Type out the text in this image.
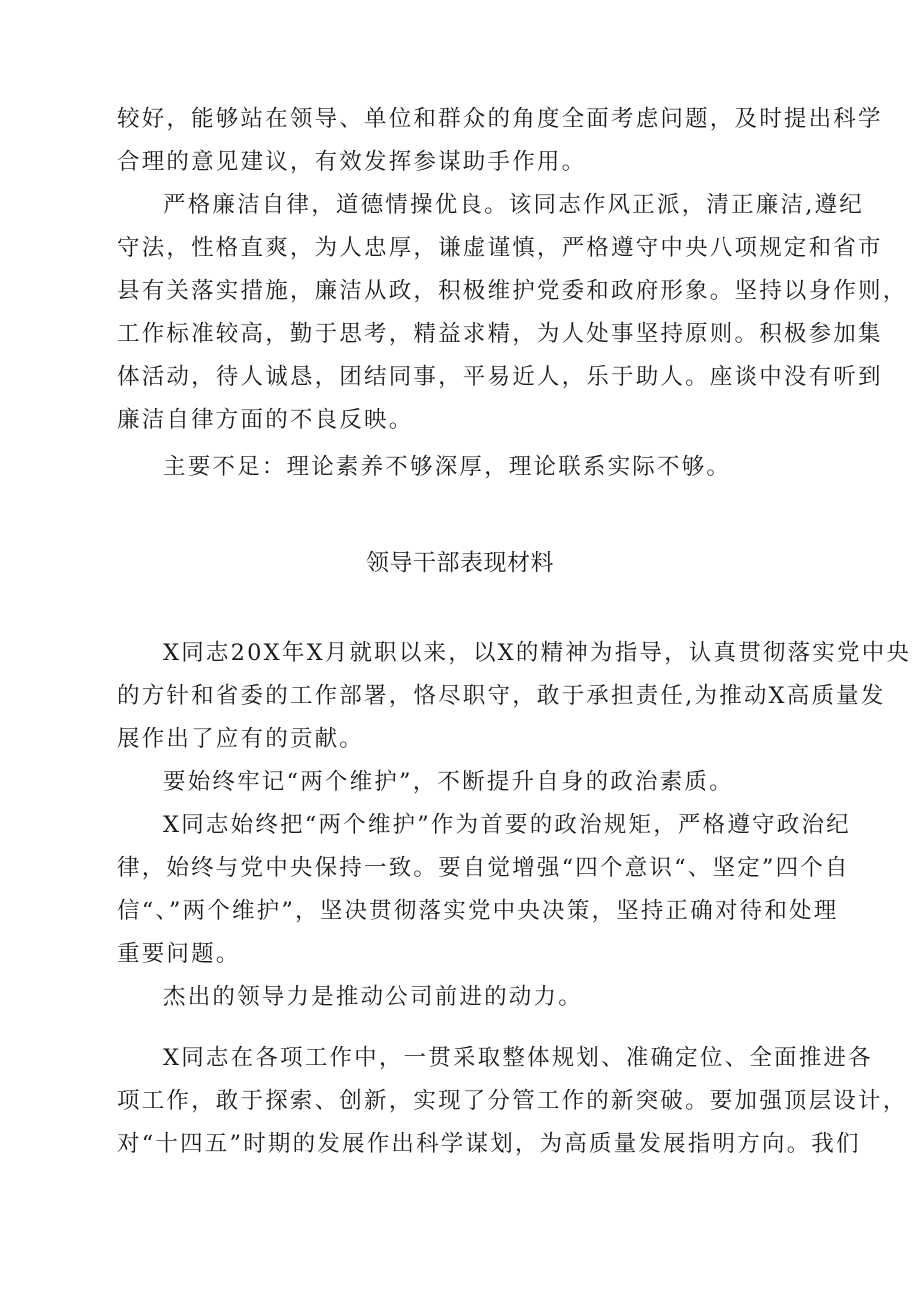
较好，能够站在领导、单位和群众的角度全面考虑问题，及时提出科学
合理的意见建议，有效发挥参谋助手作用。
严格廉洁自律，道德情操优良。该同志作风正派，清正廉洁,遵纪
守法，性格直爽，为人忠厚，谦虚谨慎，严格遵守中央八项规定和省市
县有关落实措施，廉洁从政，积极维护党委和政府形象。坚持以身作则，
工作标准较高，勤于思考，精益求精，为人处事坚持原则。积极参加集
体活动，待人诚恳，团结同事，平易近人，乐于助人。座谈中没有听到
廉洁自律方面的不良反映。
主要不足：理论素养不够深厚，理论联系实际不够。
领导干部表现材料
X同志20X年X月就职以来，以X的精神为指导，认真贯彻落实党中央
的方针和省委的工作部署，恪尽职守，敢于承担责任,为推动X高质量发
展作出了应有的贡献。
要始终牢记“两个维护”，不断提升自身的政治素质。
X同志始终把“两个维护”作为首要的政治规矩，严格遵守政治纪
律，始终与党中央保持一致。要自觉增强“四个意识“、坚定”四个自
信“、”两个维护”，坚决贯彻落实党中央决策，坚持正确对待和处理
重要问题。
杰出的领导力是推动公司前进的动力。
X同志在各项工作中，一贯采取整体规划、准确定位、全面推进各
项工作，敢于探索、创新，实现了分管工作的新突破。要加强顶层设计，
对“十四五”时期的发展作出科学谋划，为高质量发展指明方向。我们
